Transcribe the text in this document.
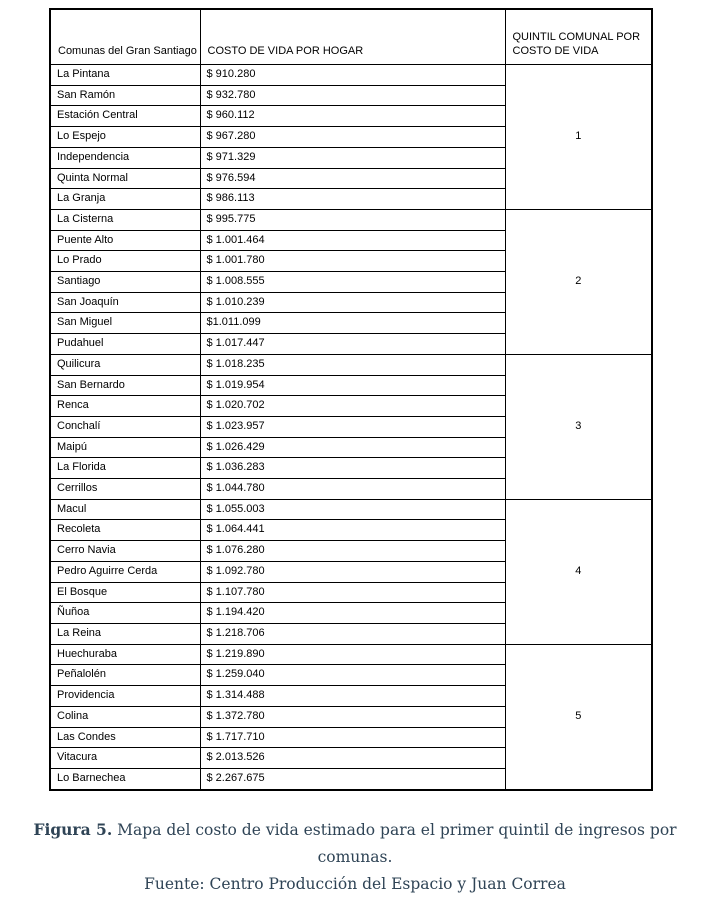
Comunas del Gran Santiago	COSTO DE VIDA POR HOGAR	QUINTIL COMUNAL POR
COSTO DE VIDA

La Pintana	$ 910.280	1
San Ramón	$ 932.780	
Estación Central	$ 960.112	
Lo Espejo	$ 967.280	
Independencia	$ 971.329	
Quinta Normal	$ 976.594	
La Granja	$ 986.113	
La Cisterna	$ 995.775	2
Puente Alto	$ 1.001.464	
Lo Prado	$ 1.001.780	
Santiago	$ 1.008.555	
San Joaquín	$ 1.010.239	
San Miguel	$1.011.099	
Pudahuel	$ 1.017.447	
Quilicura	$ 1.018.235	3
San Bernardo	$ 1.019.954	
Renca	$ 1.020.702	
Conchalí	$ 1.023.957	
Maipú	$ 1.026.429	
La Florida	$ 1.036.283	
Cerrillos	$ 1.044.780	
Macul	$ 1.055.003	4
Recoleta	$ 1.064.441	
Cerro Navia	$ 1.076.280	
Pedro Aguirre Cerda	$ 1.092.780	
El Bosque	$ 1.107.780	
Ñuñoa	$ 1.194.420	
La Reina	$ 1.218.706	
Huechuraba	$ 1.219.890	5
Peñalolén	$ 1.259.040	
Providencia	$ 1.314.488	
Colina	$ 1.372.780	
Las Condes	$ 1.717.710	
Vitacura	$ 2.013.526	
Lo Barnechea	$ 2.267.675	
Figura 5. Mapa del costo de vida estimado para el primer quintil de ingresos por comunas.
Fuente: Centro Producción del Espacio y Juan Correa
